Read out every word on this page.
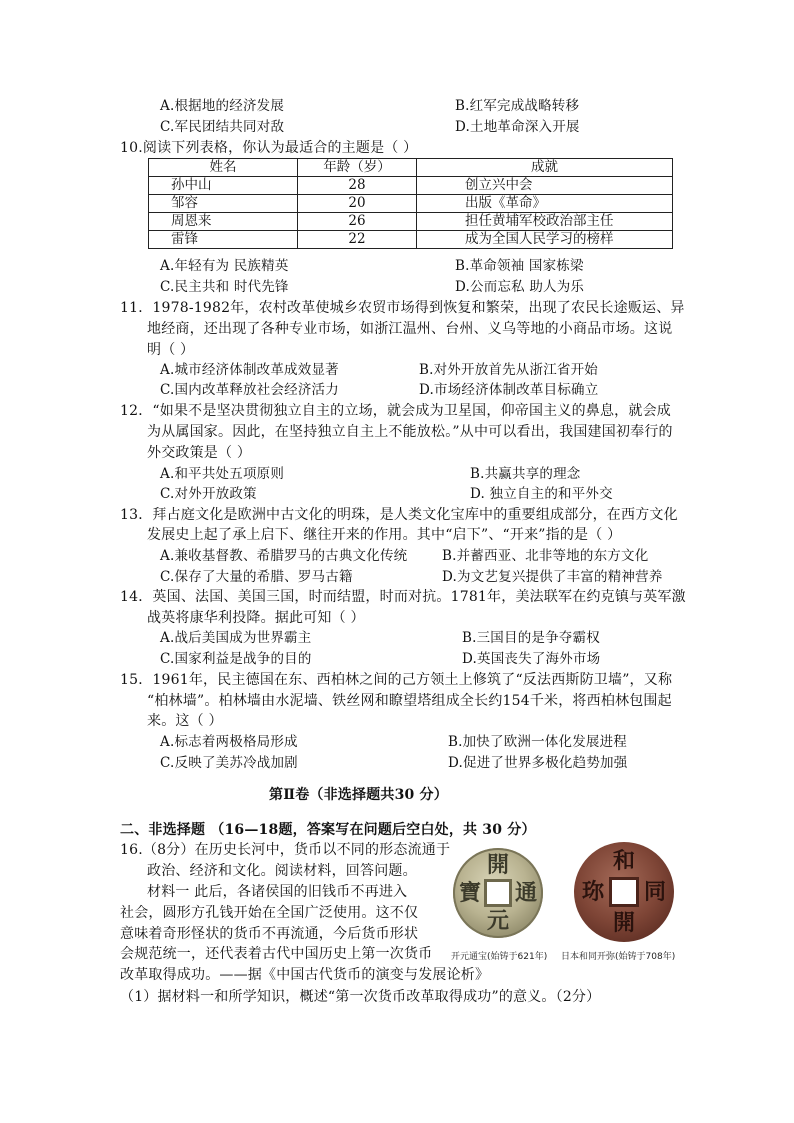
A.根据地的经济发展	B.红军完成战略转移
C.军民团结共同对敌	D.土地革命深入开展
10.阅读下列表格，你认为最适合的主题是（ ）
姓名	年龄（岁）	成就
孙中山	28	创立兴中会
邹容	20	出版《革命》
周恩来	26	担任黄埔军校政治部主任
雷锋	22	成为全国人民学习的榜样
A.年轻有为 民族精英	B.革命领袖 国家栋梁
C.民主共和 时代先锋	D.公而忘私 助人为乐
11．1978-1982年，农村改革使城乡农贸市场得到恢复和繁荣，出现了农民长途贩运、异
地经商，还出现了各种专业市场，如浙江温州、台州、义乌等地的小商品市场。这说
明（ ）
A.城市经济体制改革成效显著	B.对外开放首先从浙江省开始
C.国内改革释放社会经济活力	D.市场经济体制改革目标确立
12．“如果不是坚决贯彻独立自主的立场，就会成为卫星国，仰帝国主义的鼻息，就会成
为从属国家。因此，在坚持独立自主上不能放松。”从中可以看出，我国建国初奉行的
外交政策是（ ）
A.和平共处五项原则	B.共赢共享的理念
C.对外开放政策	D. 独立自主的和平外交
13．拜占庭文化是欧洲中古文化的明珠，是人类文化宝库中的重要组成部分，在西方文化
发展史上起了承上启下、继往开来的作用。其中“启下”、“开来”指的是（ ）
A.兼收基督教、希腊罗马的古典文化传统	B.并蓄西亚、北非等地的东方文化
C.保存了大量的希腊、罗马古籍	D.为文艺复兴提供了丰富的精神营养
14．英国、法国、美国三国，时而结盟，时而对抗。1781年，美法联军在约克镇与英军激
战英将康华利投降。据此可知（ ）
A.战后美国成为世界霸主	B.三国目的是争夺霸权
C.国家利益是战争的目的	D.英国丧失了海外市场
15．1961年，民主德国在东、西柏林之间的己方领土上修筑了“反法西斯防卫墙”，又称
“柏林墙”。柏林墙由水泥墙、铁丝网和瞭望塔组成全长约154千米，将西柏林包围起
来。这（ ）
A.标志着两极格局形成	B.加快了欧洲一体化发展进程
C.反映了美苏冷战加剧	D.促进了世界多极化趋势加强
第Ⅱ卷（非选择题共30 分）
二、非选择题 （16—18题，答案写在问题后空白处，共 30 分）
16.（8分）在历史长河中，货币以不同的形态流通于
政治、经济和文化。阅读材料，回答问题。
材料一 此后，各诸侯国的旧钱币不再进入
社会，圆形方孔钱开始在全国广泛使用。这不仅
意味着奇形怪状的货币不再流通，今后货币形状
会规范统一，还代表着古代中国历史上第一次货币
改革取得成功。——据《中国古代货币的演变与发展论析》
（1）据材料一和所学知识，概述“第一次货币改革取得成功”的意义。（2分）
開
通
元
寶
开元通宝(始铸于621年)
和
同
開
珎
日本和同开弥(始铸于708年)
